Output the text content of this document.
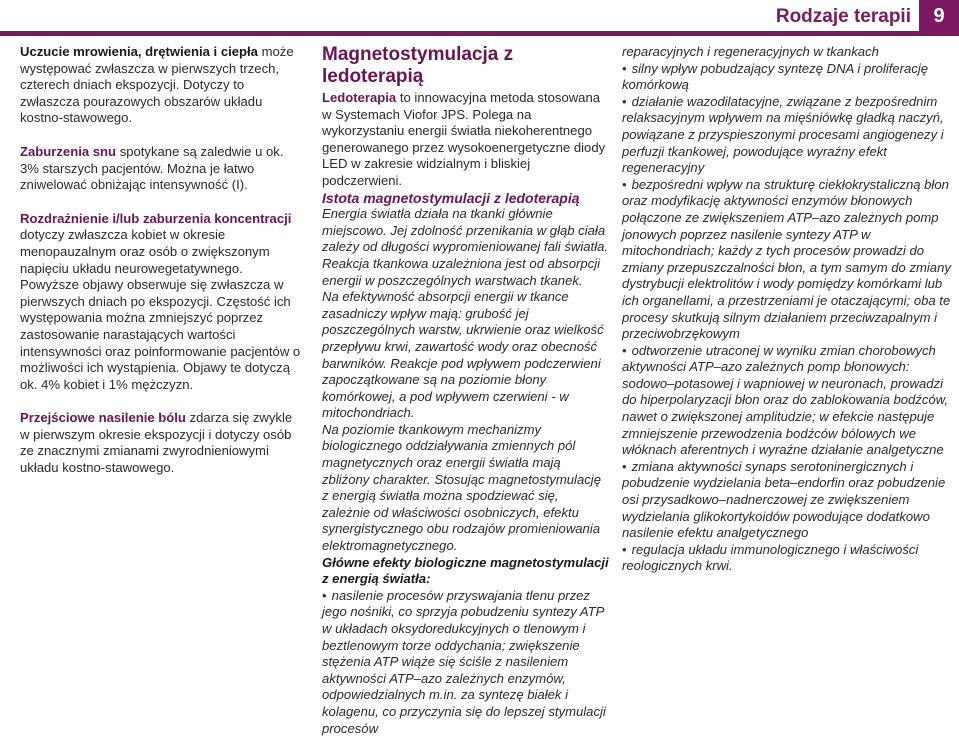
Rodzaje terapii	9

Uczucie mrowienia, drętwienia i ciepła może występować zwłaszcza w pierwszych trzech, czterech dniach ekspozycji. Dotyczy to zwłaszcza pourazowych obszarów układu kostno-stawowego.

Zaburzenia snu spotykane są zaledwie u ok. 3% starszych pacjentów. Można je łatwo zniwelować obniżając intensywność (I).

Rozdrażnienie i/lub zaburzenia koncentracji dotyczy zwłaszcza kobiet w okresie menopauzalnym oraz osób o zwiększonym napięciu układu neurowegetatywnego. Powyższe objawy obserwuje się zwłaszcza w pierwszych dniach po ekspozycji. Częstość ich występowania można zmniejszyć poprzez zastosowanie narastających wartości intensywności oraz poinformowanie pacjentów o możliwości ich wystąpienia. Objawy te dotyczą ok. 4% kobiet i 1% mężczyzn.

Przejściowe nasilenie bólu zdarza się zwykle w pierwszym okresie ekspozycji i dotyczy osób ze znacznymi zmianami zwyrodnieniowymi układu kostno-stawowego.

Magnetostymulacja z ledoterapią

Ledoterapia to innowacyjna metoda stosowana w Systemach Viofor JPS. Polega na wykorzystaniu energii światła niekoherentnego generowanego przez wysokoenergetyczne diody LED w zakresie widzialnym i bliskiej podczerwieni.

Istota magnetostymulacji z ledoterapią

Energia światła działa na tkanki głównie miejscowo. Jej zdolność przenikania w głąb ciała zależy od długości wypromieniowanej fali światła. Reakcja tkankowa uzależniona jest od absorpcji energii w poszczególnych warstwach tkanek.

Na efektywność absorpcji energii w tkance zasadniczy wpływ mają: grubość jej poszczególnych warstw, ukrwienie oraz wielkość przepływu krwi, zawartość wody oraz obecność barwników. Reakcje pod wpływem podczerwieni zapoczątkowane są na poziomie błony komórkowej, a pod wpływem czerwieni - w mitochondriach.

Na poziomie tkankowym mechanizmy biologicznego oddziaływania zmiennych pól magnetycznych oraz energii światła mają zbliżony charakter. Stosując magnetostymulację z energią światła można spodziewać się, zależnie od właściwości osobniczych, efektu synergistycznego obu rodzajów promieniowania elektromagnetycznego.

Główne efekty biologiczne magnetostymulacji z energią światła:
• nasilenie procesów przyswajania tlenu przez jego nośniki, co sprzyja pobudzeniu syntezy ATP w układach oksydoredukcyjnych o tlenowym i beztlenowym torze oddychania; zwiększenie stężenia ATP wiąże się ściśle z nasileniem aktywności ATP–azo zależnych enzymów, odpowiedzialnych m.in. za syntezę białek i kolagenu, co przyczynia się do lepszej stymulacji procesów

reparacyjnych i regeneracyjnych w tkankach

• silny wpływ pobudzający syntezę DNA i proliferację komórkową
• działanie wazodilatacyjne, związane z bezpośrednim relaksacyjnym wpływem na mięśniówkę gładką naczyń, powiązane z przyspieszonymi procesami angiogenezy i perfuzji tkankowej, powodujące wyraźny efekt regeneracyjny
• bezpośredni wpływ na strukturę ciekłokrystaliczną błon oraz modyfikację aktywności enzymów błonowych połączone ze zwiększeniem ATP–azo zależnych pomp jonowych poprzez nasilenie syntezy ATP w mitochondriach; każdy z tych procesów prowadzi do zmiany przepuszczalności błon, a tym samym do zmiany dystrybucji elektrolitów i wody pomiędzy komórkami lub ich organellami, a przestrzeniami je otaczającymi; oba te procesy skutkują silnym działaniem przeciwzapalnym i przeciwobrzękowym
• odtworzenie utraconej w wyniku zmian chorobowych aktywności ATP–azo zależnych pomp błonowych: sodowo–potasowej i wapniowej w neuronach, prowadzi do hiperpolaryzacji błon oraz do zablokowania bodźców, nawet o zwiększonej amplitudzie; w efekcie następuje zmniejszenie przewodzenia bodźców bólowych we włóknach aferentnych i wyraźne działanie analgetyczne
• zmiana aktywności synaps serotoninergicznych i pobudzenie wydzielania beta–endorfin oraz pobudzenie osi przysadkowo–nadnerczowej ze zwiększeniem wydzielania glikokortykoidów powodujące dodatkowo nasilenie efektu analgetycznego
• regulacja układu immunologicznego i właściwości reologicznych krwi.
